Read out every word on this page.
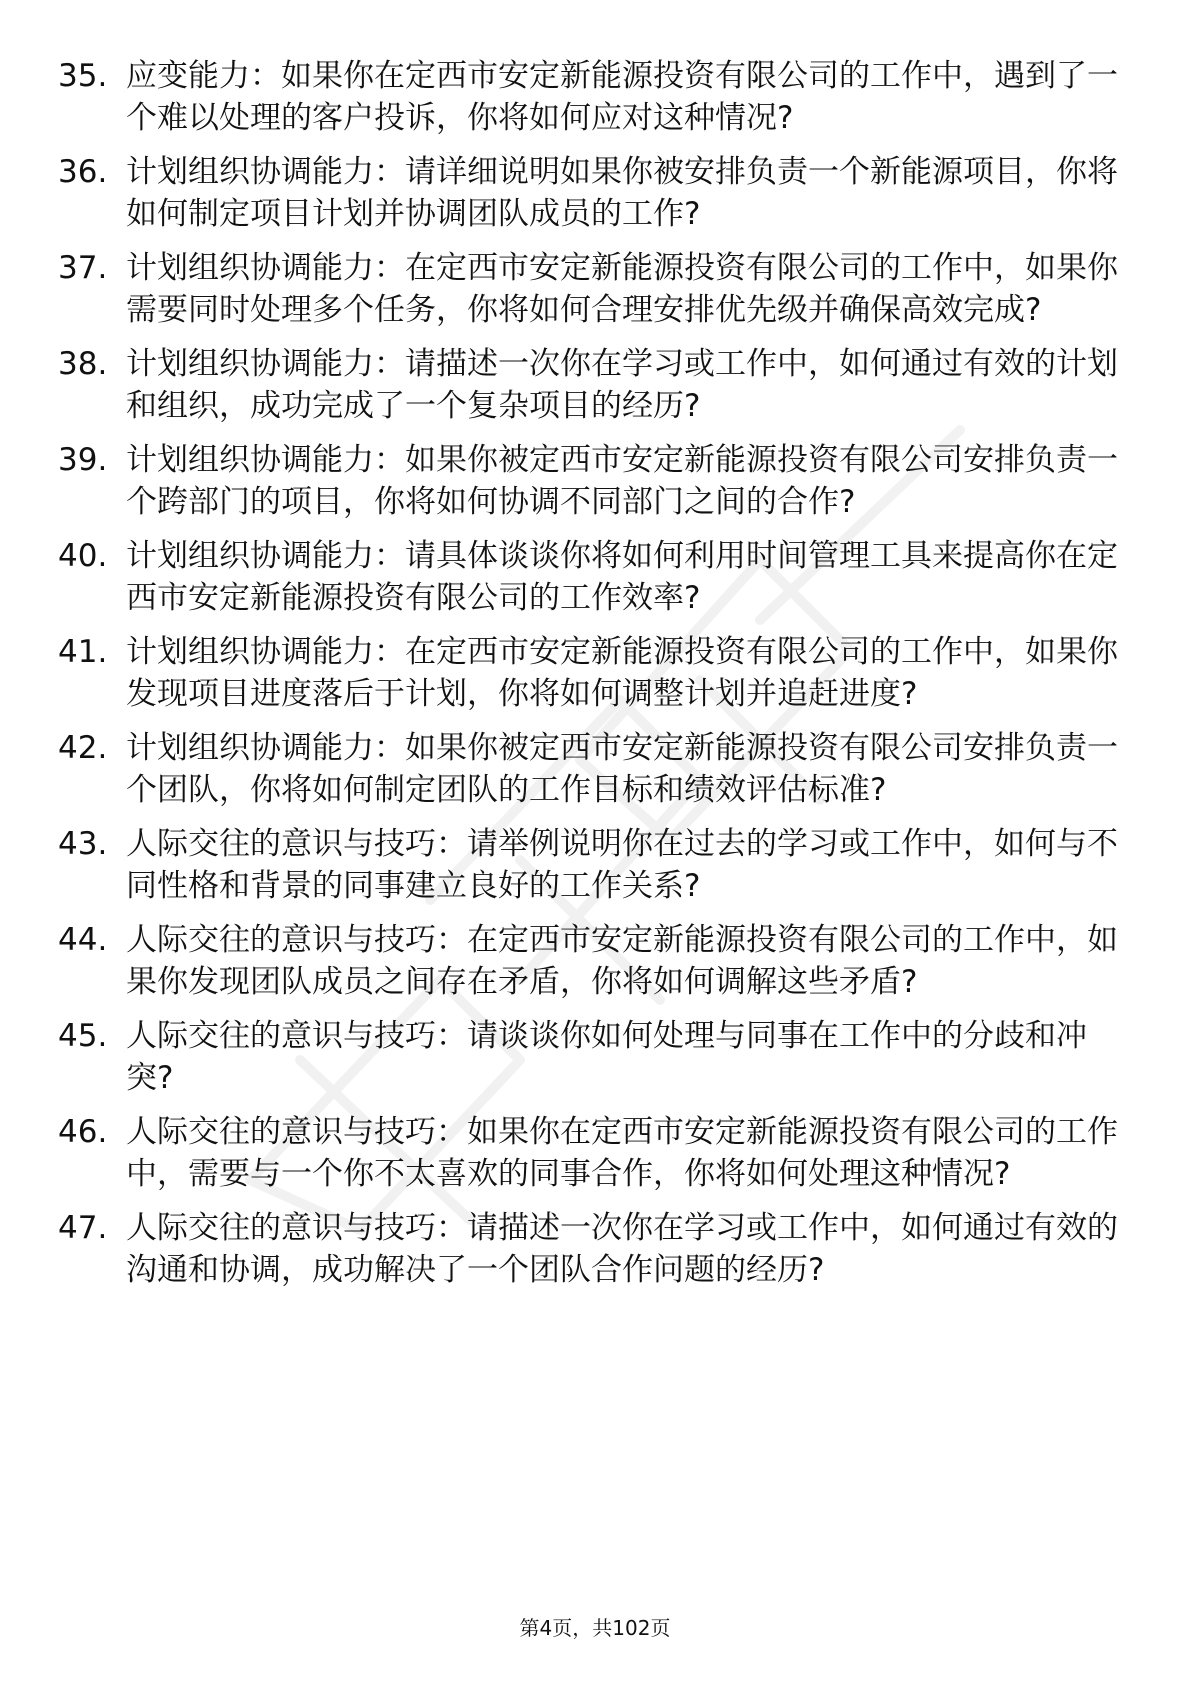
35. 应变能力：如果你在定西市安定新能源投资有限公司的工作中，遇到了一个难以处理的客户投诉，你将如何应对这种情况?
36. 计划组织协调能力：请详细说明如果你被安排负责一个新能源项目，你将如何制定项目计划并协调团队成员的工作?
37. 计划组织协调能力：在定西市安定新能源投资有限公司的工作中，如果你需要同时处理多个任务，你将如何合理安排优先级并确保高效完成?
38. 计划组织协调能力：请描述一次你在学习或工作中，如何通过有效的计划和组织，成功完成了一个复杂项目的经历?
39. 计划组织协调能力：如果你被定西市安定新能源投资有限公司安排负责一个跨部门的项目，你将如何协调不同部门之间的合作?
40. 计划组织协调能力：请具体谈谈你将如何利用时间管理工具来提高你在定西市安定新能源投资有限公司的工作效率?
41. 计划组织协调能力：在定西市安定新能源投资有限公司的工作中，如果你发现项目进度落后于计划，你将如何调整计划并追赶进度?
42. 计划组织协调能力：如果你被定西市安定新能源投资有限公司安排负责一个团队，你将如何制定团队的工作目标和绩效评估标准?
43. 人际交往的意识与技巧：请举例说明你在过去的学习或工作中，如何与不同性格和背景的同事建立良好的工作关系?
44. 人际交往的意识与技巧：在定西市安定新能源投资有限公司的工作中，如果你发现团队成员之间存在矛盾，你将如何调解这些矛盾?
45. 人际交往的意识与技巧：请谈谈你如何处理与同事在工作中的分歧和冲突?
46. 人际交往的意识与技巧：如果你在定西市安定新能源投资有限公司的工作中，需要与一个你不太喜欢的同事合作，你将如何处理这种情况?
47. 人际交往的意识与技巧：请描述一次你在学习或工作中，如何通过有效的沟通和协调，成功解决了一个团队合作问题的经历?
第4页，共102页
